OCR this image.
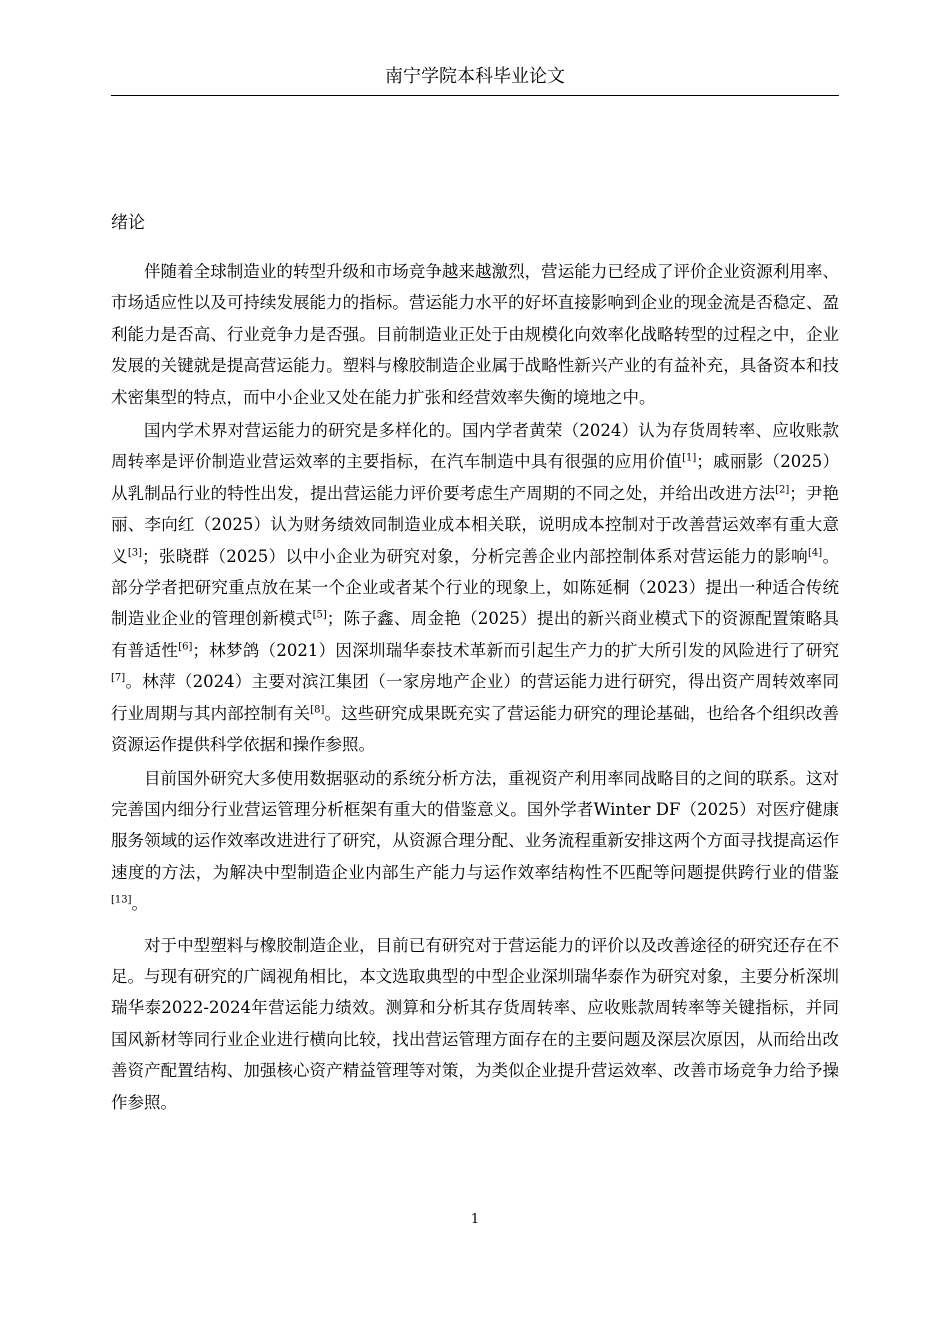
南宁学院本科毕业论文
绪论

伴随着全球制造业的转型升级和市场竞争越来越激烈，营运能力已经成了评价企业资源利用率、市场适应性以及可持续发展能力的指标。营运能力水平的好坏直接影响到企业的现金流是否稳定、盈利能力是否高、行业竞争力是否强。目前制造业正处于由规模化向效率化战略转型的过程之中，企业发展的关键就是提高营运能力。塑料与橡胶制造企业属于战略性新兴产业的有益补充，具备资本和技术密集型的特点，而中小企业又处在能力扩张和经营效率失衡的境地之中。

国内学术界对营运能力的研究是多样化的。国内学者黄荣（2024）认为存货周转率、应收账款周转率是评价制造业营运效率的主要指标，在汽车制造中具有很强的应用价值[1]；戚丽影（2025）从乳制品行业的特性出发，提出营运能力评价要考虑生产周期的不同之处，并给出改进方法[2]；尹艳丽、李向红（2025）认为财务绩效同制造业成本相关联，说明成本控制对于改善营运效率有重大意义[3]；张晓群（2025）以中小企业为研究对象，分析完善企业内部控制体系对营运能力的影响[4]。部分学者把研究重点放在某一个企业或者某个行业的现象上，如陈延桐（2023）提出一种适合传统制造业企业的管理创新模式[5]；陈子鑫、周金艳（2025）提出的新兴商业模式下的资源配置策略具有普适性[6]；林梦鸽（2021）因深圳瑞华泰技术革新而引起生产力的扩大所引发的风险进行了研究[7]。林萍（2024）主要对滨江集团（一家房地产企业）的营运能力进行研究，得出资产周转效率同行业周期与其内部控制有关[8]。这些研究成果既充实了营运能力研究的理论基础，也给各个组织改善资源运作提供科学依据和操作参照。

目前国外研究大多使用数据驱动的系统分析方法，重视资产利用率同战略目的之间的联系。这对完善国内细分行业营运管理分析框架有重大的借鉴意义。国外学者Winter DF（2025）对医疗健康服务领域的运作效率改进进行了研究，从资源合理分配、业务流程重新安排这两个方面寻找提高运作速度的方法，为解决中型制造企业内部生产能力与运作效率结构性不匹配等问题提供跨行业的借鉴[13]。

对于中型塑料与橡胶制造企业，目前已有研究对于营运能力的评价以及改善途径的研究还存在不足。与现有研究的广阔视角相比，本文选取典型的中型企业深圳瑞华泰作为研究对象，主要分析深圳瑞华泰2022-2024年营运能力绩效。测算和分析其存货周转率、应收账款周转率等关键指标，并同国风新材等同行业企业进行横向比较，找出营运管理方面存在的主要问题及深层次原因，从而给出改善资产配置结构、加强核心资产精益管理等对策，为类似企业提升营运效率、改善市场竞争力给予操作参照。

1
